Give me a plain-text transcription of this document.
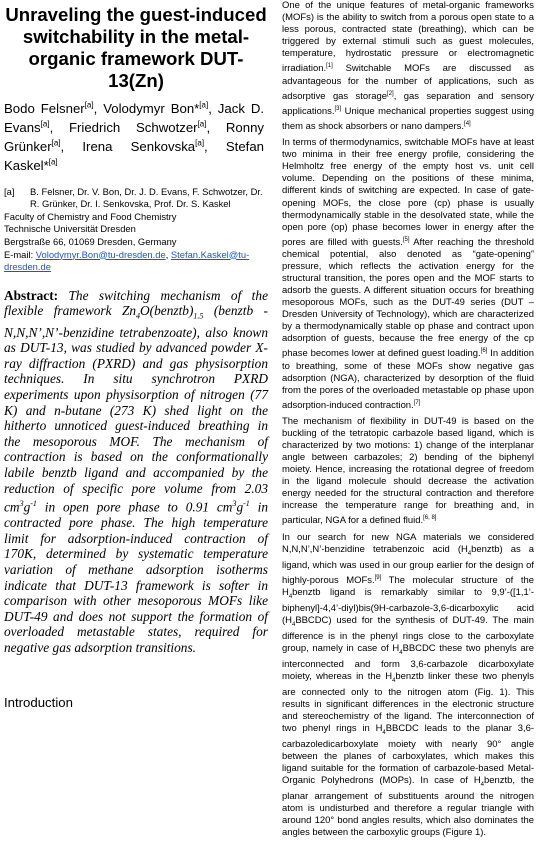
Unraveling the guest-induced switchability in the metal-organic framework DUT-13(Zn)
Bodo Felsner[a], Volodymyr Bon*[a], Jack D. Evans[a], Friedrich Schwotzer[a], Ronny Grünker[a], Irena Senkovska[a], Stefan Kaskel*[a]
[a]	B. Felsner, Dr. V. Bon, Dr. J. D. Evans, F. Schwotzer, Dr. R. Grünker, Dr. I. Senkovska, Prof. Dr. S. Kaskel
Faculty of Chemistry and Food Chemistry
Technische Universität Dresden
Bergstraße 66, 01069 Dresden, Germany
E-mail: Volodymyr.Bon@tu-dresden.de, Stefan.Kaskel@tu-dresden.de
Abstract: The switching mechanism of the flexible framework $Zn_4O(benztb)_{1.5}$ (benztb - N,N,N’,N’-benzidine tetrabenzoate), also known as DUT-13, was studied by advanced powder X-ray diffraction (PXRD) and gas physisorption techniques. In situ synchrotron PXRD experiments upon physisorption of nitrogen (77 K) and n-butane (273 K) shed light on the hitherto unnoticed guest-induced breathing in the mesoporous MOF. The mechanism of contraction is based on the conformationally labile benztb ligand and accompanied by the reduction of specific pore volume from 2.03 $cm^3g^{-1}$ in open pore phase to 0.91 $cm^3g^{-1}$ in contracted pore phase. The high temperature limit for adsorption-induced contraction of 170K, determined by systematic temperature variation of methane adsorption isotherms indicate that DUT-13 framework is softer in comparison with other mesoporous MOFs like DUT-49 and does not support the formation of overloaded metastable states, required for negative gas adsorption transitions.
Introduction

One of the unique features of metal-organic frameworks (MOFs) is the ability to switch from a porous open state to a less porous, contracted state (breathing), which can be triggered by external stimuli such as guest molecules, temperature, hydrostatic pressure or electromagnetic irradiation.[1] Switchable MOFs are discussed as advantageous for the number of applications, such as adsorptive gas storage[2], gas separation and sensory applications.[3] Unique mechanical properties suggest using them as shock absorbers or nano dampers.[4]

In terms of thermodynamics, switchable MOFs have at least two minima in their free energy profile, considering the Helmholtz free energy of the empty host vs. unit cell volume. Depending on the positions of these minima, different kinds of switching are expected. In case of gate-opening MOFs, the close pore (cp) phase is usually thermodynamically stable in the desolvated state, while the open pore (op) phase becomes lower in energy after the pores are filled with guests.[5] After reaching the threshold chemical potential, also denoted as “gate-opening” pressure, which reflects the activation energy for the structural transition, the pores open and the MOF starts to adsorb the guests. A different situation occurs for breathing mesoporous MOFs, such as the DUT-49 series (DUT – Dresden University of Technology), which are characterized by a thermodynamically stable op phase and contract upon adsorption of guests, because the free energy of the cp phase becomes lower at defined guest loading.[6] In addition to breathing, some of these MOFs show negative gas adsorption (NGA), characterized by desorption of the fluid from the pores of the overloaded metastable op phase upon adsorption-induced contraction.[7]

The mechanism of flexibility in DUT-49 is based on the buckling of the tetratopic carbazole based ligand, which is characterized by two motions: 1) change of the interplanar angle between carbazoles; 2) bending of the biphenyl moiety. Hence, increasing the rotational degree of freedom in the ligand molecule should decrease the activation energy needed for the structural contraction and therefore increase the temperature range for breathing and, in particular, NGA for a defined fluid.[6, 8]

In our search for new NGA materials we considered N,N,N’,N’-benzidine tetrabenzoic acid $(H_4benztb)$ as a ligand, which was used in our group earlier for the design of highly-porous MOFs.[9] The molecular structure of the $H_4benztb$ ligand is remarkably similar to 9,9’-([1,1’-biphenyl]-4,4’-diyl)bis(9H-carbazole-3,6-dicarboxylic acid $(H_4BBCDC)$ used for the synthesis of DUT-49. The main difference is in the phenyl rings close to the carboxylate group, namely in case of $H_4BBCDC$ these two phenyls are interconnected and form 3,6-carbazole dicarboxylate moiety, whereas in the $H_4benztb$ linker these two phenyls are connected only to the nitrogen atom (Fig. 1). This results in significant differences in the electronic structure and stereochemistry of the ligand. The interconnection of two phenyl rings in $H_4BBCDC$ leads to the planar 3,6-carbazoledicarboxylate moiety with nearly 90° angle between the planes of carboxylates, which makes this ligand suitable for the formation of carbazole-based Metal-Organic Polyhedrons (MOPs). In case of $H_4benztb$, the planar arrangement of substituents around the nitrogen atom is undisturbed and therefore a regular triangle with around 120° bond angles results, which also dominates the angles between the carboxylic groups (Figure 1).
